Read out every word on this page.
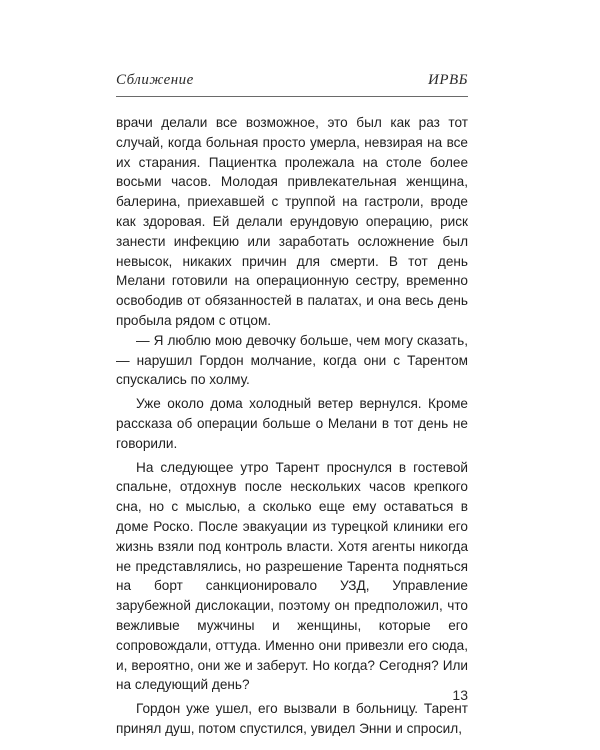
Сближение	ИРВБ

врачи делали все возможное, это был как раз тот случай, когда больная просто умерла, невзирая на все их старания. Пациентка пролежала на столе более восьми часов. Молодая привлекательная женщина, балерина, приехавшей с труппой на гастроли, вроде как здоровая. Ей делали ерундовую операцию, риск занести инфекцию или заработать осложнение был невысок, никаких причин для смерти. В тот день Мелани готовили на операционную сестру, временно освободив от обязанностей в палатах, и она весь день пробыла рядом с отцом.

— Я люблю мою девочку больше, чем могу сказать,— нарушил Гордон молчание, когда они с Тарентом спускались по холму.

Уже около дома холодный ветер вернулся. Кроме рассказа об операции больше о Мелани в тот день не говорили.

На следующее утро Тарент проснулся в гостевой спальне, отдохнув после нескольких часов крепкого сна, но с мыслью, а сколько еще ему оставаться в доме Роско. После эвакуации из турецкой клиники его жизнь взяли под контроль власти. Хотя агенты никогда не представлялись, но разрешение Тарента подняться на борт санкционировало УЗД, Управление зарубежной дислокации, поэтому он предположил, что вежливые мужчины и женщины, которые его сопровождали, оттуда. Именно они привезли его сюда, и, вероятно, они же и заберут. Но когда? Сегодня? Или на следующий день?

Гордон уже ушел, его вызвали в больницу. Тарент принял душ, потом спустился, увидел Энни и спросил,

13
